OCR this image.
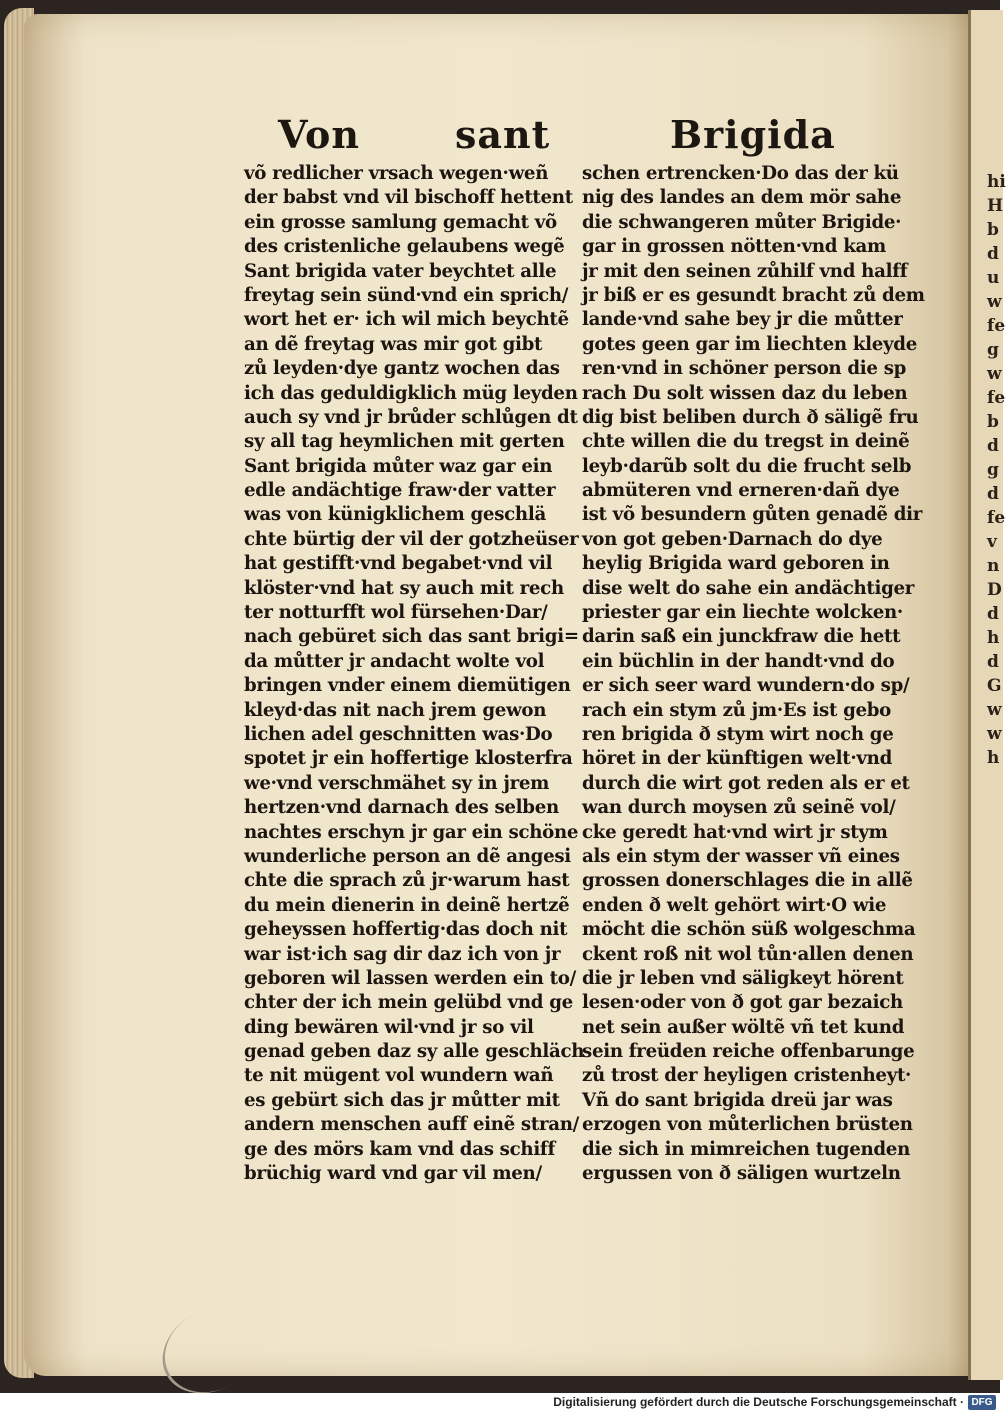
hi
H
b
d
u
w
fe
g
w
fe
b
d
g
d
fe
v
n
D
d
h
d
G
w
w
h
Von	sant	Brigida
võ redlicher vrsach wegen·weñ
der babst vnd vil bischoff hettent
ein grosse samlung gemacht võ
des cristenliche gelaubens wegẽ
Sant brigida vater beychtet alle
freytag sein sünd·vnd ein sprich/
wort het er· ich wil mich beychtẽ
an dẽ freytag was mir got gibt
zů leyden·dye gantz wochen das
ich das geduldigklich müg leyden
auch sy vnd jr brůder schlůgen dt
sy all tag heymlichen mit gerten
Sant brigida můter waz gar ein
edle andächtige fraw·der vatter
was von künigklichem geschlä
chte bürtig der vil der gotzheüser
hat gestifft·vnd begabet·vnd vil
klöster·vnd hat sy auch mit rech
ter notturfft wol fürsehen·Dar/
nach gebüret sich das sant brigi=
da můtter jr andacht wolte vol
bringen vnder einem diemütigen
kleyd·das nit nach jrem gewon
lichen adel geschnitten was·Do
spotet jr ein hoffertige klosterfra
we·vnd verschmähet sy in jrem
hertzen·vnd darnach des selben
nachtes erschyn jr gar ein schöne
wunderliche person an dẽ angesi
chte die sprach zů jr·warum hast
du mein dienerin in deinẽ hertzẽ
geheyssen hoffertig·das doch nit
war ist·ich sag dir daz ich von jr
geboren wil lassen werden ein to/
chter der ich mein gelübd vnd ge
ding bewären wil·vnd jr so vil
genad geben daz sy alle geschläch
te nit mügent vol wundern wañ
es gebürt sich das jr můtter mit
andern menschen auff einẽ stran/
ge des mörs kam vnd das schiff
brüchig ward vnd gar vil men/
schen ertrencken·Do das der kü
nig des landes an dem mör sahe
die schwangeren můter Brigide·
gar in grossen nötten·vnd kam
jr mit den seinen zůhilf vnd halff
jr biß er es gesundt bracht zů dem
lande·vnd sahe bey jr die můtter
gotes geen gar im liechten kleyde
ren·vnd in schöner person die sp
rach Du solt wissen daz du leben
dig bist beliben durch ð säligẽ fru
chte willen die du tregst in deinẽ
leyb·darũb solt du die frucht selb
abmüteren vnd erneren·dañ dye
ist võ besundern gůten genadẽ dir
von got geben·Darnach do dye
heylig Brigida ward geboren in
dise welt do sahe ein andächtiger
priester gar ein liechte wolcken·
darin saß ein junckfraw die hett
ein büchlin in der handt·vnd do
er sich seer ward wundern·do sp/
rach ein stym zů jm·Es ist gebo
ren brigida ð stym wirt noch ge
höret in der künftigen welt·vnd
durch die wirt got reden als er et
wan durch moysen zů seinẽ vol/
cke geredt hat·vnd wirt jr stym
als ein stym der wasser vñ eines
grossen donerschlages die in allẽ
enden ð welt gehört wirt·O wie
möcht die schön süß wolgeschma
ckent roß nit wol tůn·allen denen
die jr leben vnd säligkeyt hörent
lesen·oder von ð got gar bezaich
net sein außer wöltẽ vñ tet kund
sein freüden reiche offenbarunge
zů trost der heyligen cristenheyt·
Vñ do sant brigida dreü jar was
erzogen von můterlichen brüsten
die sich in mimreichen tugenden
ergussen von ð säligen wurtzeln
Digitalisierung gefördert durch die Deutsche Forschungsgemeinschaft · DFG
